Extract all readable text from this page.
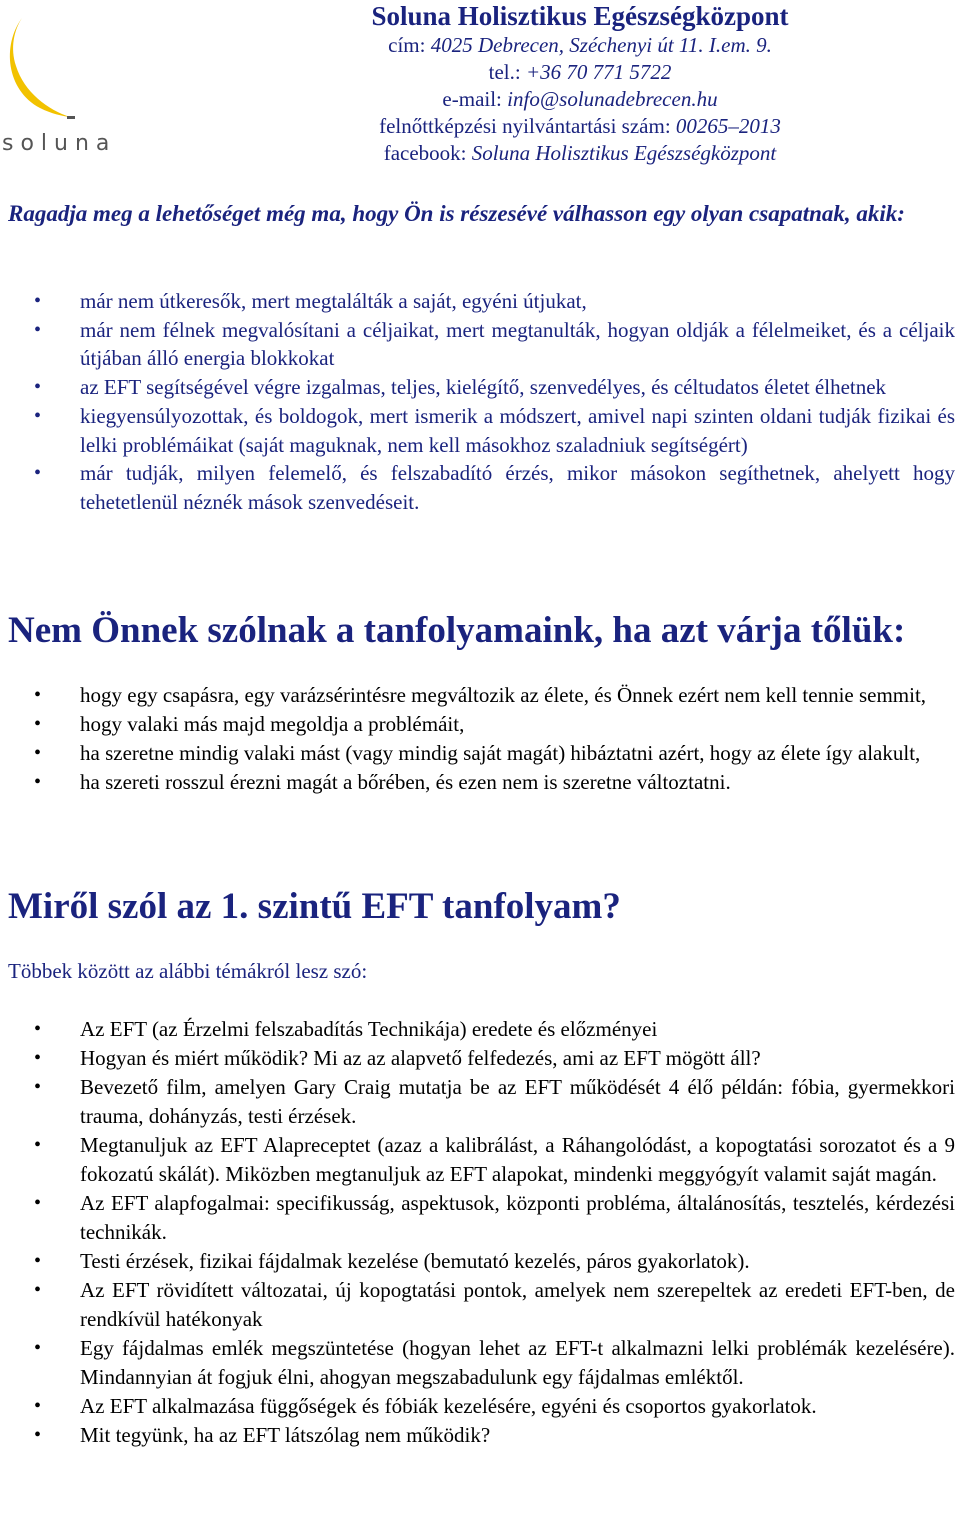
s o l u n a
Soluna Holisztikus Egészségközpont
cím: 4025 Debrecen, Széchenyi út 11. I.em. 9.
tel.: +36 70 771 5722
e-mail: info@solunadebrecen.hu
felnőttképzési nyilvántartási szám: 00265–2013
facebook: Soluna Holisztikus Egészségközpont
Ragadja meg a lehetőséget még ma, hogy Ön is részesévé válhasson egy olyan csapatnak, akik:
• már nem útkeresők, mert megtalálták a saját, egyéni útjukat,
• már nem félnek megvalósítani a céljaikat, mert megtanulták, hogyan oldják a félelmeiket, és a céljaik útjában álló energia blokkokat
• az EFT segítségével végre izgalmas, teljes, kielégítő, szenvedélyes, és céltudatos életet élhetnek
• kiegyensúlyozottak, és boldogok, mert ismerik a módszert, amivel napi szinten oldani tudják fizikai és lelki problémáikat (saját maguknak, nem kell másokhoz szaladniuk segítségért)
• már tudják, milyen felemelő, és felszabadító érzés, mikor másokon segíthetnek, ahelyett hogy tehetetlenül néznék mások szenvedéseit.
Nem Önnek szólnak a tanfolyamaink, ha azt várja tőlük:
• hogy egy csapásra, egy varázsérintésre megváltozik az élete, és Önnek ezért nem kell tennie semmit,
• hogy valaki más majd megoldja a problémáit,
• ha szeretne mindig valaki mást (vagy mindig saját magát) hibáztatni azért, hogy az élete így alakult,
• ha szereti rosszul érezni magát a bőrében, és ezen nem is szeretne változtatni.
Miről szól az 1. szintű EFT tanfolyam?
Többek között az alábbi témákról lesz szó:
• Az EFT (az Érzelmi felszabadítás Technikája) eredete és előzményei
• Hogyan és miért működik? Mi az az alapvető felfedezés, ami az EFT mögött áll?
• Bevezető film, amelyen Gary Craig mutatja be az EFT működését 4 élő példán: fóbia, gyermekkori trauma, dohányzás, testi érzések.
• Megtanuljuk az EFT Alapreceptet (azaz a kalibrálást, a Ráhangolódást, a kopogtatási sorozatot és a 9 fokozatú skálát). Miközben megtanuljuk az EFT alapokat, mindenki meggyógyít valamit saját magán.
• Az EFT alapfogalmai: specifikusság, aspektusok, központi probléma, általánosítás, tesztelés, kérdezési technikák.
• Testi érzések, fizikai fájdalmak kezelése (bemutató kezelés, páros gyakorlatok).
• Az EFT rövidített változatai, új kopogtatási pontok, amelyek nem szerepeltek az eredeti EFT-ben, de rendkívül hatékonyak
• Egy fájdalmas emlék megszüntetése (hogyan lehet az EFT-t alkalmazni lelki problémák kezelésére). Mindannyian át fogjuk élni, ahogyan megszabadulunk egy fájdalmas emléktől.
• Az EFT alkalmazása függőségek és fóbiák kezelésére, egyéni és csoportos gyakorlatok.
• Mit tegyünk, ha az EFT látszólag nem működik?
